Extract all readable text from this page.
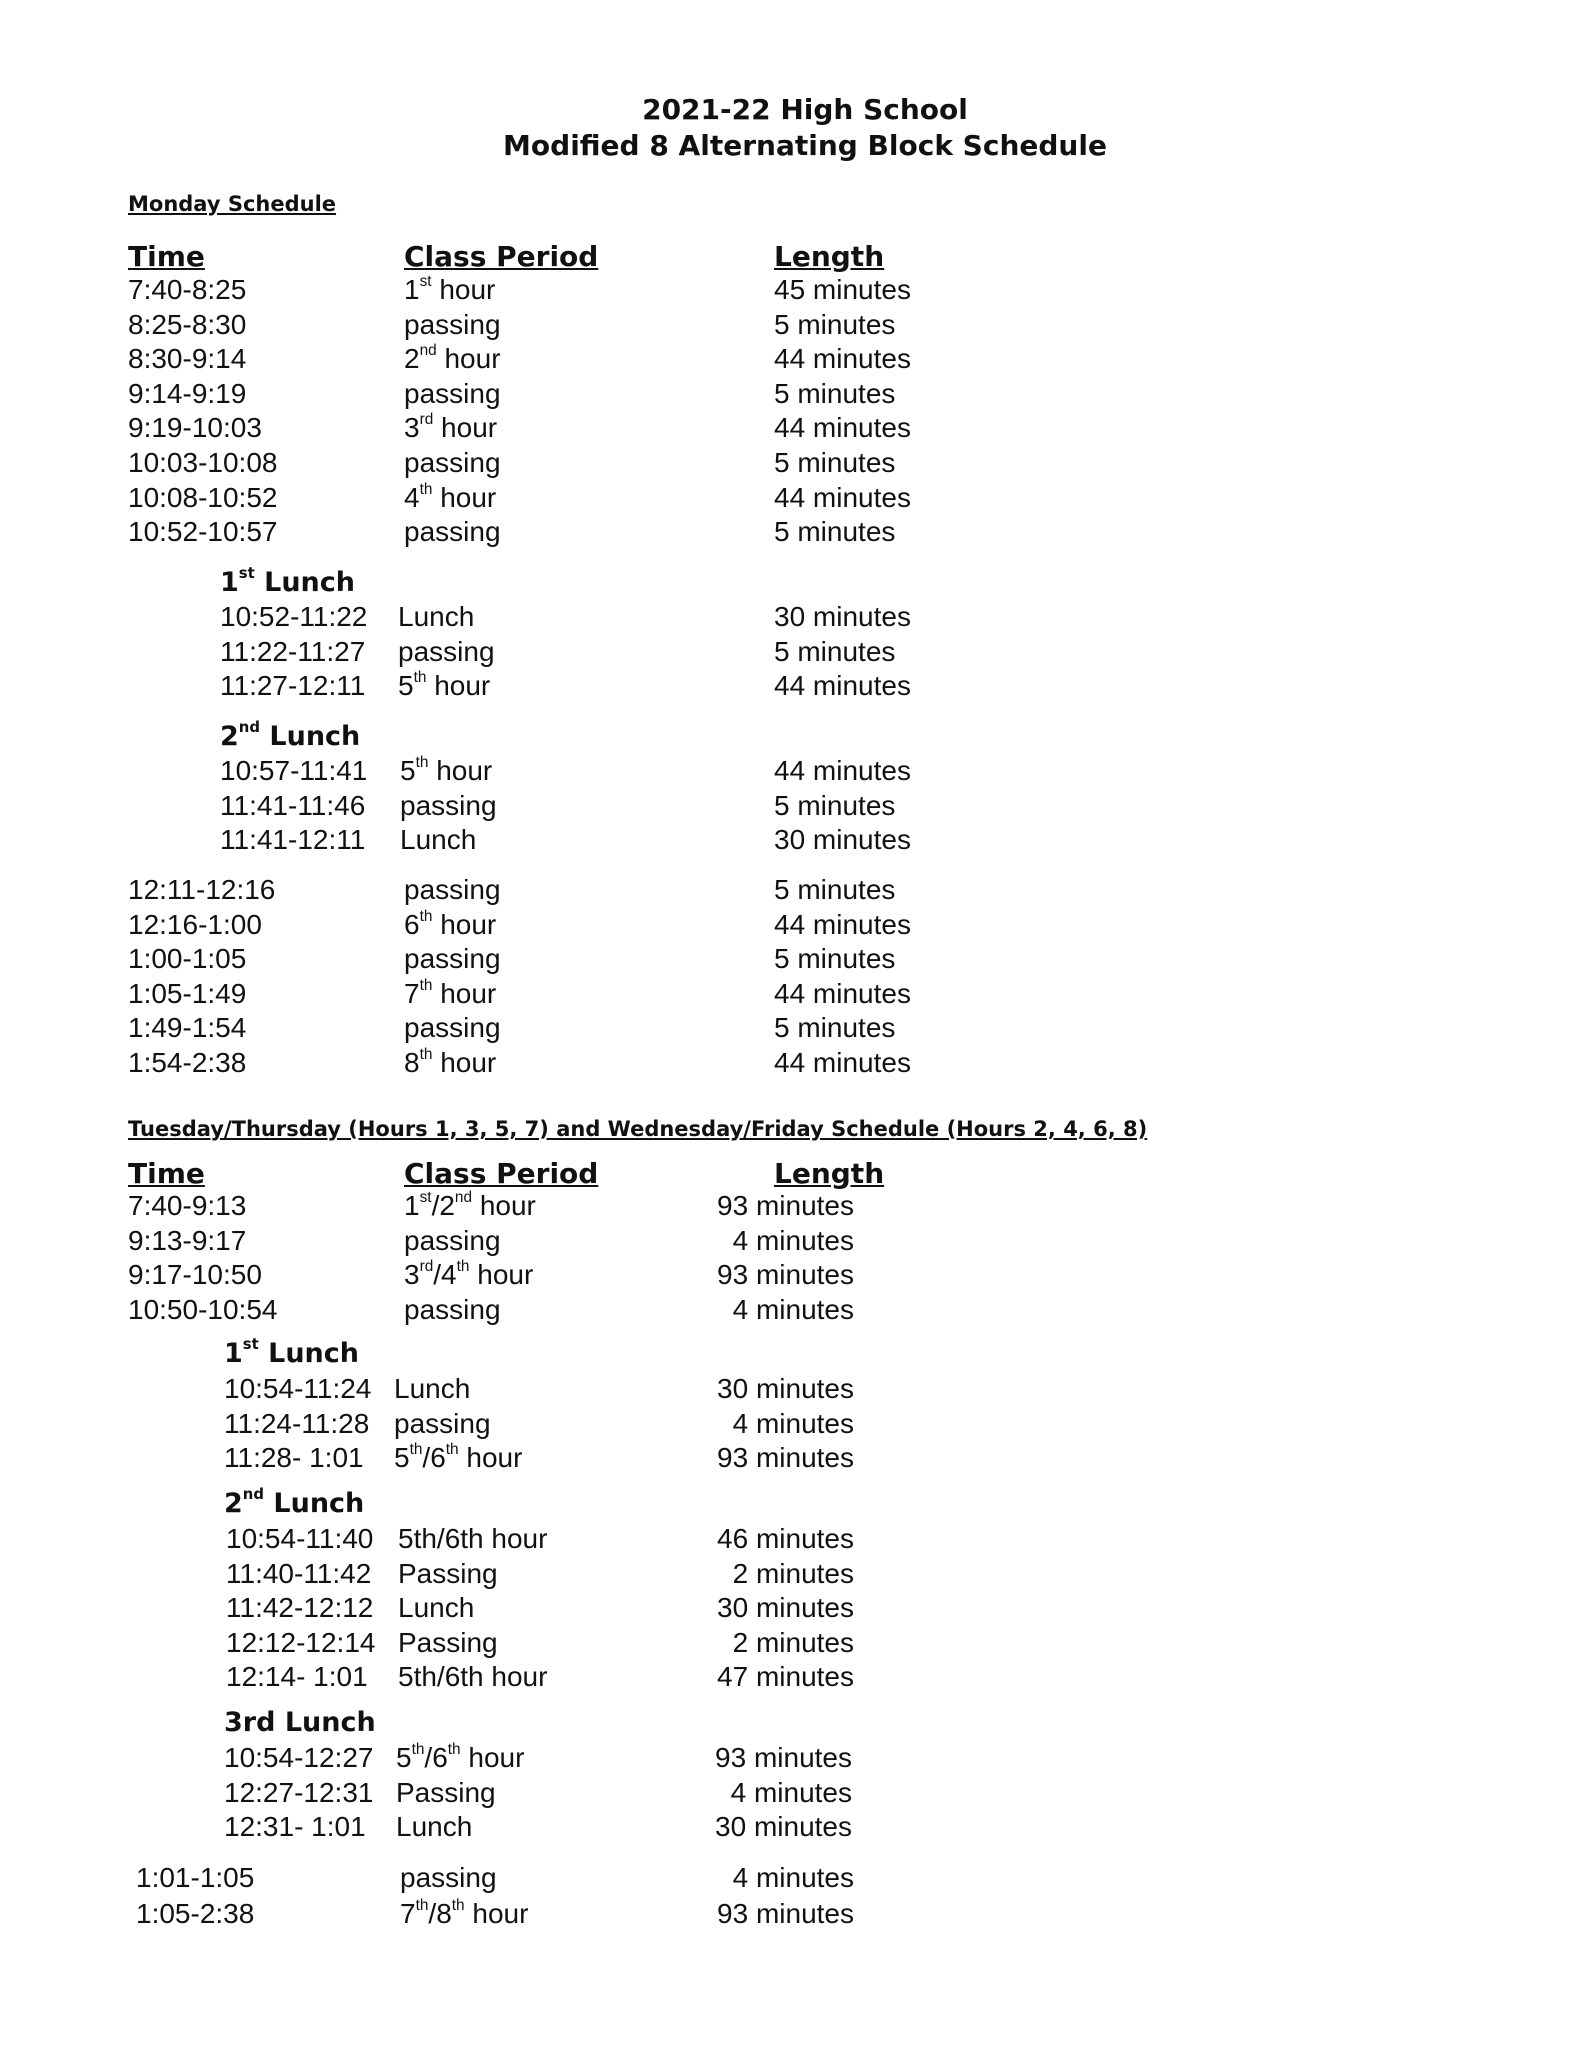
2021-22 High School
Modified 8 Alternating Block Schedule
Monday Schedule
Time	Class Period	Length
7:40-8:25	1st hour	45 minutes
8:25-8:30	passing	5 minutes
8:30-9:14	2nd hour	44 minutes
9:14-9:19	passing	5 minutes
9:19-10:03	3rd hour	44 minutes
10:03-10:08	passing	5 minutes
10:08-10:52	4th hour	44 minutes
10:52-10:57	passing	5 minutes
1st Lunch
10:52-11:22 Lunch	30 minutes
11:22-11:27 passing	5 minutes
11:27-12:11 5th hour	44 minutes
2nd Lunch
10:57-11:41 5th hour	44 minutes
11:41-11:46 passing	5 minutes
11:41-12:11 Lunch	30 minutes
12:11-12:16	passing	5 minutes
12:16-1:00	6th hour	44 minutes
1:00-1:05	passing	5 minutes
1:05-1:49	7th hour	44 minutes
1:49-1:54	passing	5 minutes
1:54-2:38	8th hour	44 minutes
Tuesday/Thursday (Hours 1, 3, 5, 7) and Wednesday/Friday Schedule (Hours 2, 4, 6, 8)
Time	Class Period	Length
7:40-9:13	1st/2nd hour	93 minutes
9:13-9:17	passing	4 minutes
9:17-10:50	3rd/4th hour	93 minutes
10:50-10:54	passing	4 minutes
1st Lunch
10:54-11:24 Lunch	30 minutes
11:24-11:28 passing	4 minutes
11:28- 1:01 5th/6th hour	93 minutes
2nd Lunch
10:54-11:40 5th/6th hour	46 minutes
11:40-11:42 Passing	2 minutes
11:42-12:12 Lunch	30 minutes
12:12-12:14 Passing	2 minutes
12:14- 1:01 5th/6th hour	47 minutes
3rd Lunch
10:54-12:27 5th/6th hour	93 minutes
12:27-12:31 Passing	4 minutes
12:31- 1:01 Lunch	30 minutes
1:01-1:05	passing	4 minutes
1:05-2:38	7th/8th hour	93 minutes
